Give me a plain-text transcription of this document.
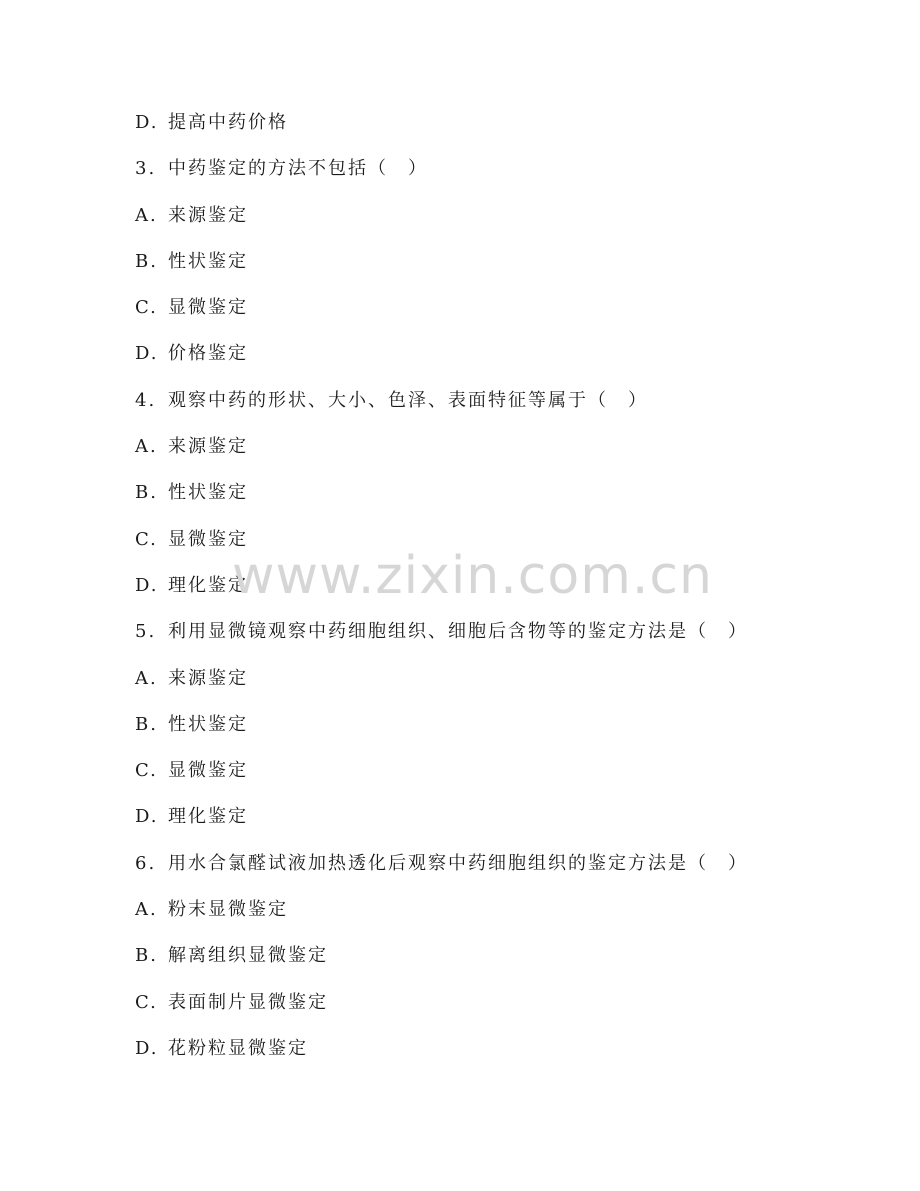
D. 提高中药价格
3. 中药鉴定的方法不包括（　）
A. 来源鉴定
B. 性状鉴定
C. 显微鉴定
D. 价格鉴定
4. 观察中药的形状、大小、色泽、表面特征等属于（　）
A. 来源鉴定
B. 性状鉴定
C. 显微鉴定
D. 理化鉴定
5. 利用显微镜观察中药细胞组织、细胞后含物等的鉴定方法是（　）
A. 来源鉴定
B. 性状鉴定
C. 显微鉴定
D. 理化鉴定
6. 用水合氯醛试液加热透化后观察中药细胞组织的鉴定方法是（　）
A. 粉末显微鉴定
B. 解离组织显微鉴定
C. 表面制片显微鉴定
D. 花粉粒显微鉴定
www.zixin.com.cn
